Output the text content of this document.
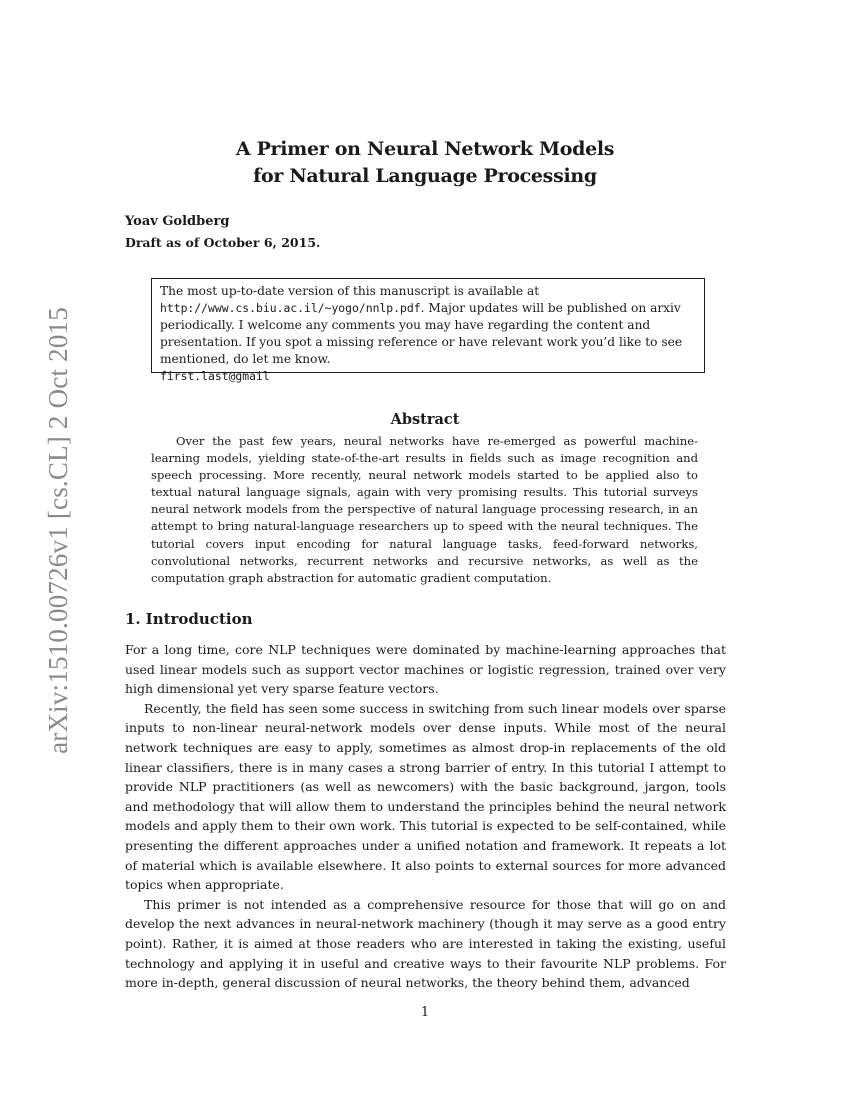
arXiv:1510.00726v1 [cs.CL] 2 Oct 2015
A Primer on Neural Network Models
for Natural Language Processing
Yoav Goldberg
Draft as of October 6, 2015.
The most up-to-date version of this manuscript is available at http://www.cs.biu.ac.il/~yogo/nnlp.pdf. Major updates will be published on arxiv periodically. I welcome any comments you may have regarding the content and presentation. If you spot a missing reference or have relevant work you’d like to see mentioned, do let me know.
first.last@gmail
Abstract
Over the past few years, neural networks have re-emerged as powerful machine-learning models, yielding state-of-the-art results in fields such as image recognition and speech processing. More recently, neural network models started to be applied also to textual natural language signals, again with very promising results. This tutorial surveys neural network models from the perspective of natural language processing research, in an attempt to bring natural-language researchers up to speed with the neural techniques. The tutorial covers input encoding for natural language tasks, feed-forward networks, convolutional networks, recurrent networks and recursive networks, as well as the computation graph abstraction for automatic gradient computation.
1. Introduction

For a long time, core NLP techniques were dominated by machine-learning approaches that used linear models such as support vector machines or logistic regression, trained over very high dimensional yet very sparse feature vectors.

Recently, the field has seen some success in switching from such linear models over sparse inputs to non-linear neural-network models over dense inputs. While most of the neural network techniques are easy to apply, sometimes as almost drop-in replacements of the old linear classifiers, there is in many cases a strong barrier of entry. In this tutorial I attempt to provide NLP practitioners (as well as newcomers) with the basic background, jargon, tools and methodology that will allow them to understand the principles behind the neural network models and apply them to their own work. This tutorial is expected to be self-contained, while presenting the different approaches under a unified notation and framework. It repeats a lot of material which is available elsewhere. It also points to external sources for more advanced topics when appropriate.

This primer is not intended as a comprehensive resource for those that will go on and develop the next advances in neural-network machinery (though it may serve as a good entry point). Rather, it is aimed at those readers who are interested in taking the existing, useful technology and applying it in useful and creative ways to their favourite NLP problems. For more in-depth, general discussion of neural networks, the theory behind them, advanced

1
